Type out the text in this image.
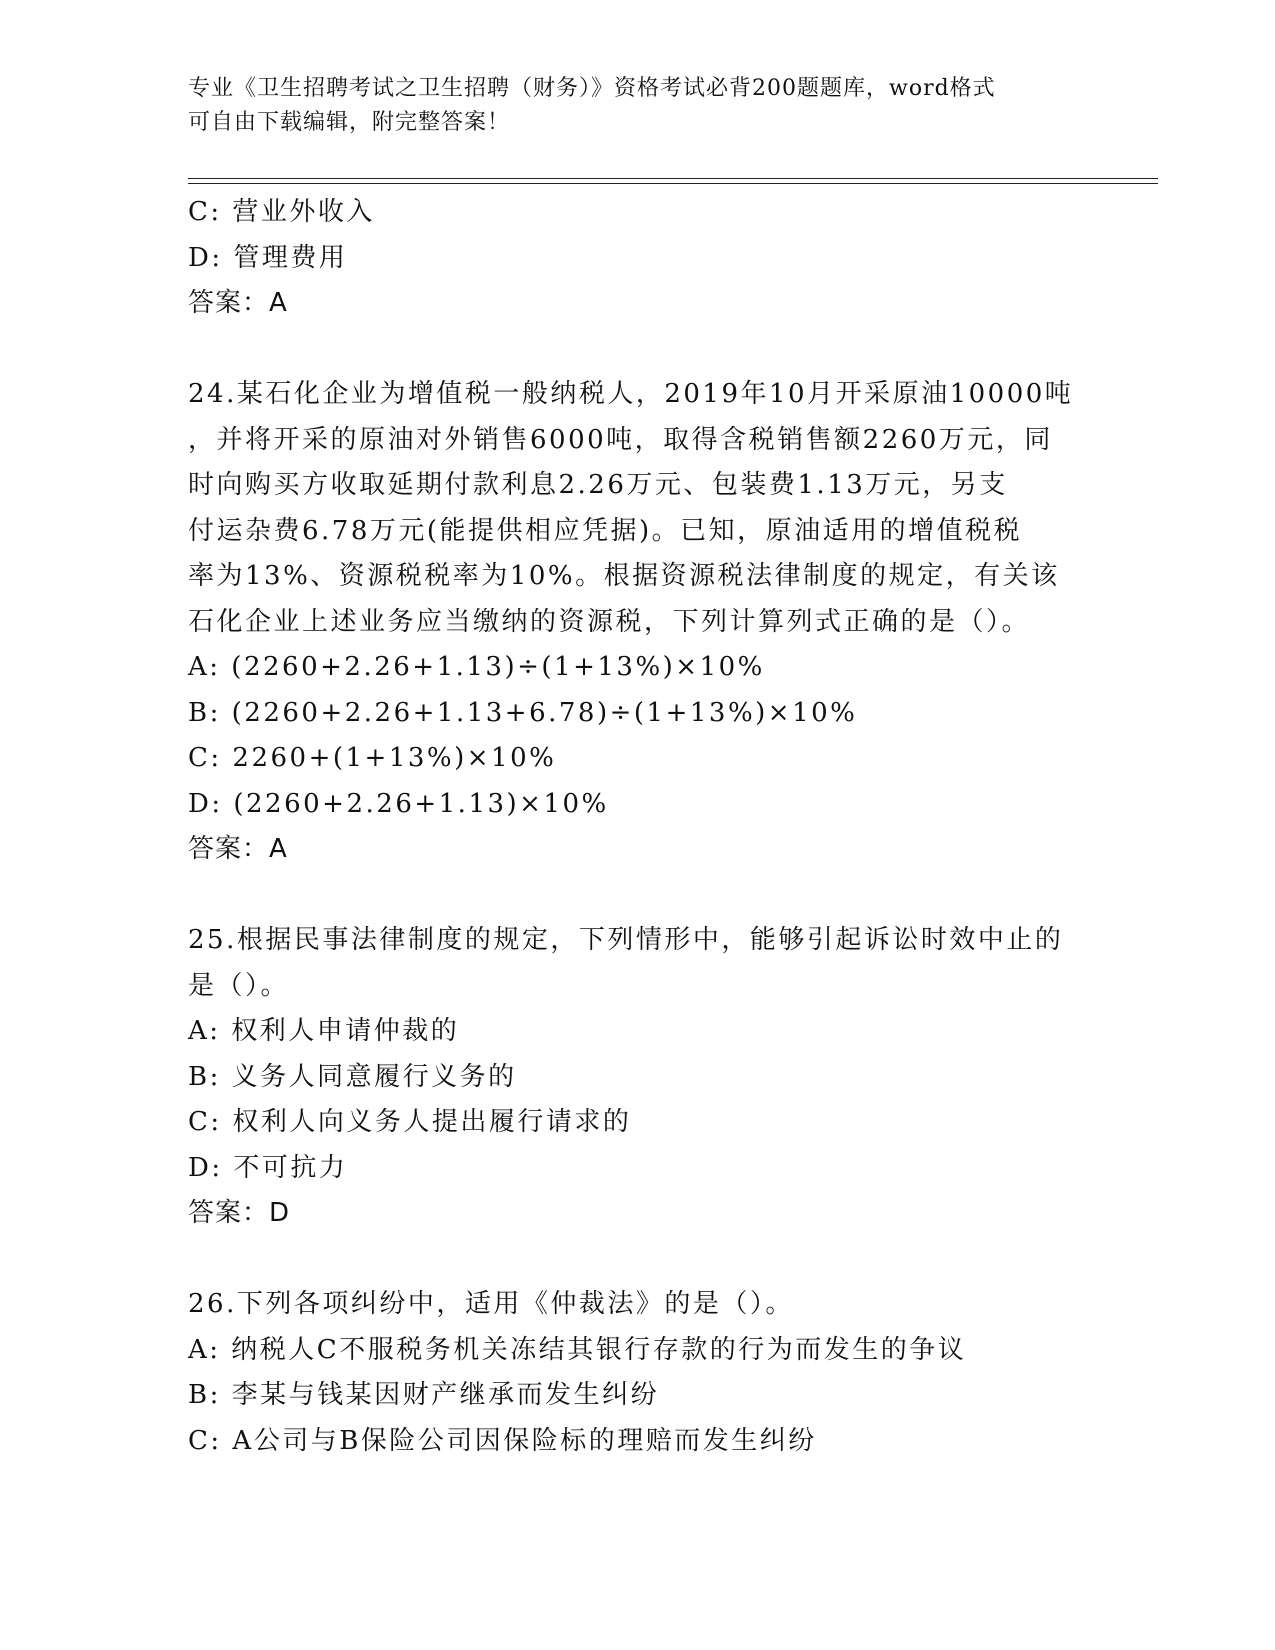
专业《卫生招聘考试之卫生招聘（财务）》资格考试必背200题题库，word格式
可自由下载编辑，附完整答案！
C: 营业外收入
D: 管理费用
答案：A
24.某石化企业为增值税一般纳税人，2019年10月开采原油10000吨
，并将开采的原油对外销售6000吨，取得含税销售额2260万元，同
时向购买方收取延期付款利息2.26万元、包装费1.13万元，另支
付运杂费6.78万元(能提供相应凭据)。已知，原油适用的增值税税
率为13%、资源税税率为10%。根据资源税法律制度的规定，有关该
石化企业上述业务应当缴纳的资源税，下列计算列式正确的是（）。
A: (2260+2.26+1.13)÷(1+13%)×10%
B: (2260+2.26+1.13+6.78)÷(1+13%)×10%
C: 2260+(1+13%)×10%
D: (2260+2.26+1.13)×10%
答案：A
25.根据民事法律制度的规定，下列情形中，能够引起诉讼时效中止的
是（）。
A: 权利人申请仲裁的
B: 义务人同意履行义务的
C: 权利人向义务人提出履行请求的
D: 不可抗力
答案：D
26.下列各项纠纷中，适用《仲裁法》的是（）。
A: 纳税人C不服税务机关冻结其银行存款的行为而发生的争议
B: 李某与钱某因财产继承而发生纠纷
C: A公司与B保险公司因保险标的理赔而发生纠纷
